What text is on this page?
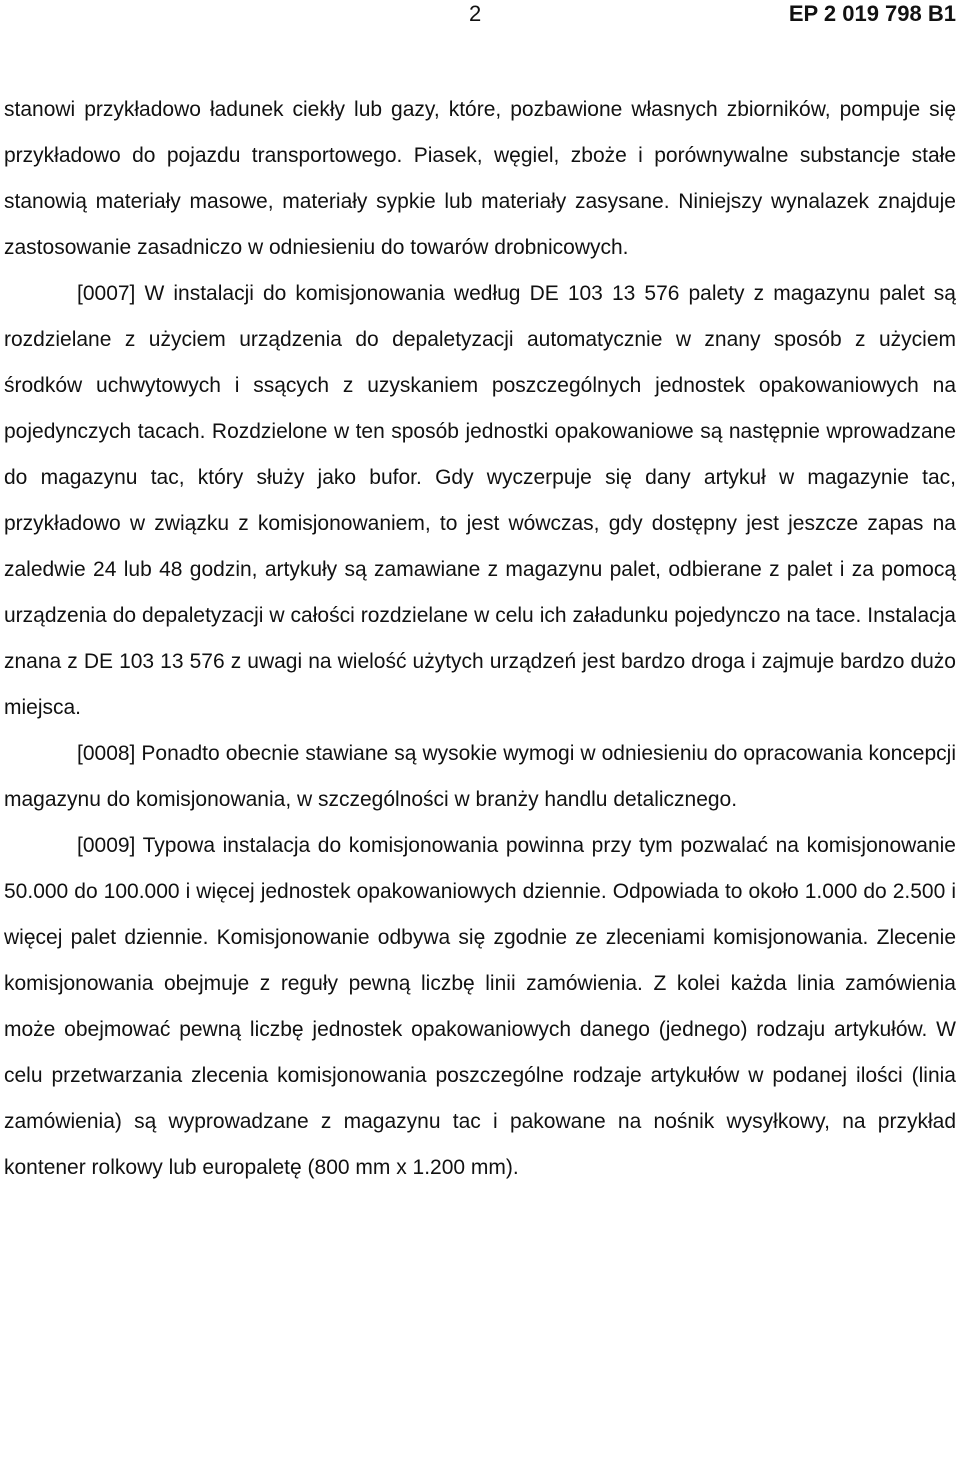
2	EP 2 019 798 B1

stanowi przykładowo ładunek ciekły lub gazy, które, pozbawione własnych zbiorników, pompuje się przykładowo do pojazdu transportowego. Piasek, węgiel, zboże i porównywalne substancje stałe stanowią materiały masowe, materiały sypkie lub materiały zasysane. Niniejszy wynalazek znajduje zastosowanie zasadniczo w odniesieniu do towarów drobnicowych.

[0007] W instalacji do komisjonowania według DE 103 13 576 palety z magazynu palet są rozdzielane z użyciem urządzenia do depaletyzacji automatycznie w znany sposób z użyciem środków uchwytowych i ssących z uzyskaniem poszczególnych jednostek opakowaniowych na pojedynczych tacach. Rozdzielone w ten sposób jednostki opakowaniowe są następnie wprowadzane do magazynu tac, który służy jako bufor. Gdy wyczerpuje się dany artykuł w magazynie tac, przykładowo w związku z komisjonowaniem, to jest wówczas, gdy dostępny jest jeszcze zapas na zaledwie 24 lub 48 godzin, artykuły są zamawiane z magazynu palet, odbierane z palet i za pomocą urządzenia do depaletyzacji w całości rozdzielane w celu ich załadunku pojedynczo na tace. Instalacja znana z DE 103 13 576 z uwagi na wielość użytych urządzeń jest bardzo droga i zajmuje bardzo dużo miejsca.

[0008] Ponadto obecnie stawiane są wysokie wymogi w odniesieniu do opracowania koncepcji magazynu do komisjonowania, w szczególności w branży handlu detalicznego.

[0009] Typowa instalacja do komisjonowania powinna przy tym pozwalać na komisjonowanie 50.000 do 100.000 i więcej jednostek opakowaniowych dziennie. Odpowiada to około 1.000 do 2.500 i więcej palet dziennie. Komisjonowanie odbywa się zgodnie ze zleceniami komisjonowania. Zlecenie komisjonowania obejmuje z reguły pewną liczbę linii zamówienia. Z kolei każda linia zamówienia może obejmować pewną liczbę jednostek opakowaniowych danego (jednego) rodzaju artykułów. W celu przetwarzania zlecenia komisjonowania poszczególne rodzaje artykułów w podanej ilości (linia zamówienia) są wyprowadzane z magazynu tac i pakowane na nośnik wysyłkowy, na przykład kontener rolkowy lub europaletę (800 mm x 1.200 mm).
